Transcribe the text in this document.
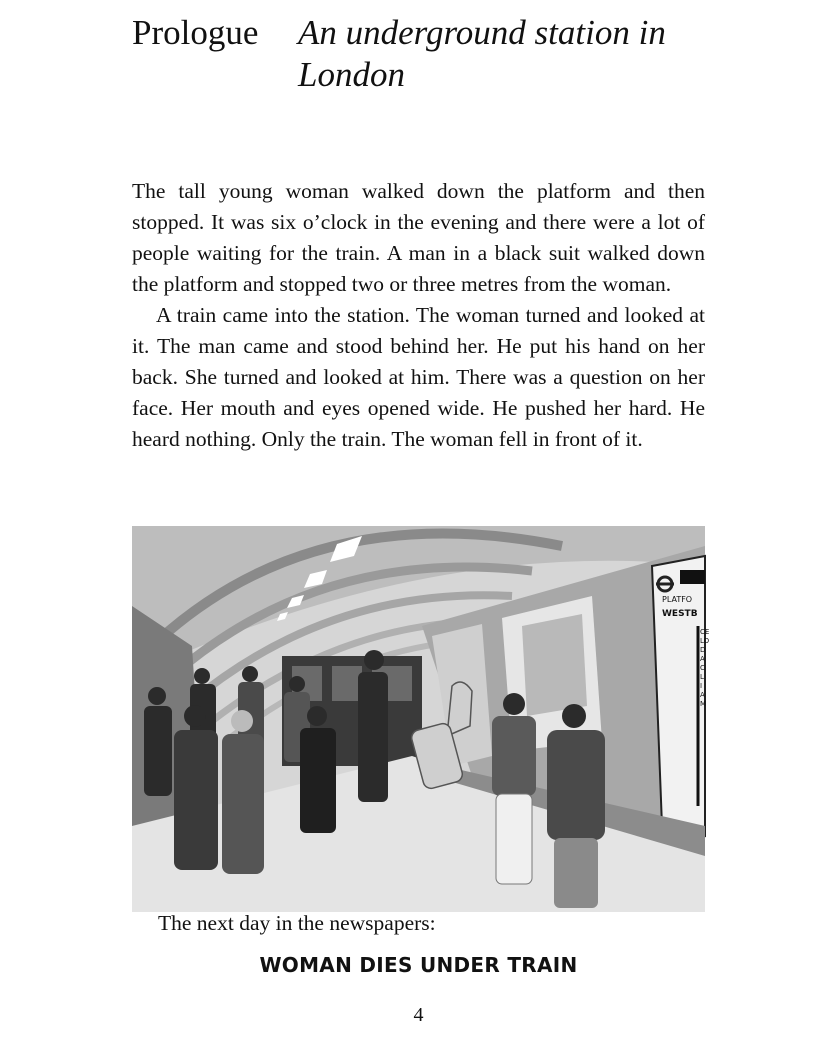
Prologue An underground station in London

The tall young woman walked down the platform and then stopped. It was six o’clock in the evening and there were a lot of people waiting for the train. A man in a black suit walked down the platform and stopped two or three metres from the woman.

A train came into the station. The woman turned and looked at it. The man came and stood behind her. He put his hand on her back. She turned and looked at him. There was a question on her face. Her mouth and eyes opened wide. He pushed her hard. He heard nothing. Only the train. The woman fell in front of it.

PLATFO
WESTB
CE
LO
D
A
C
L
I
A
M
The next day in the newspapers:
WOMAN DIES UNDER TRAIN
4
